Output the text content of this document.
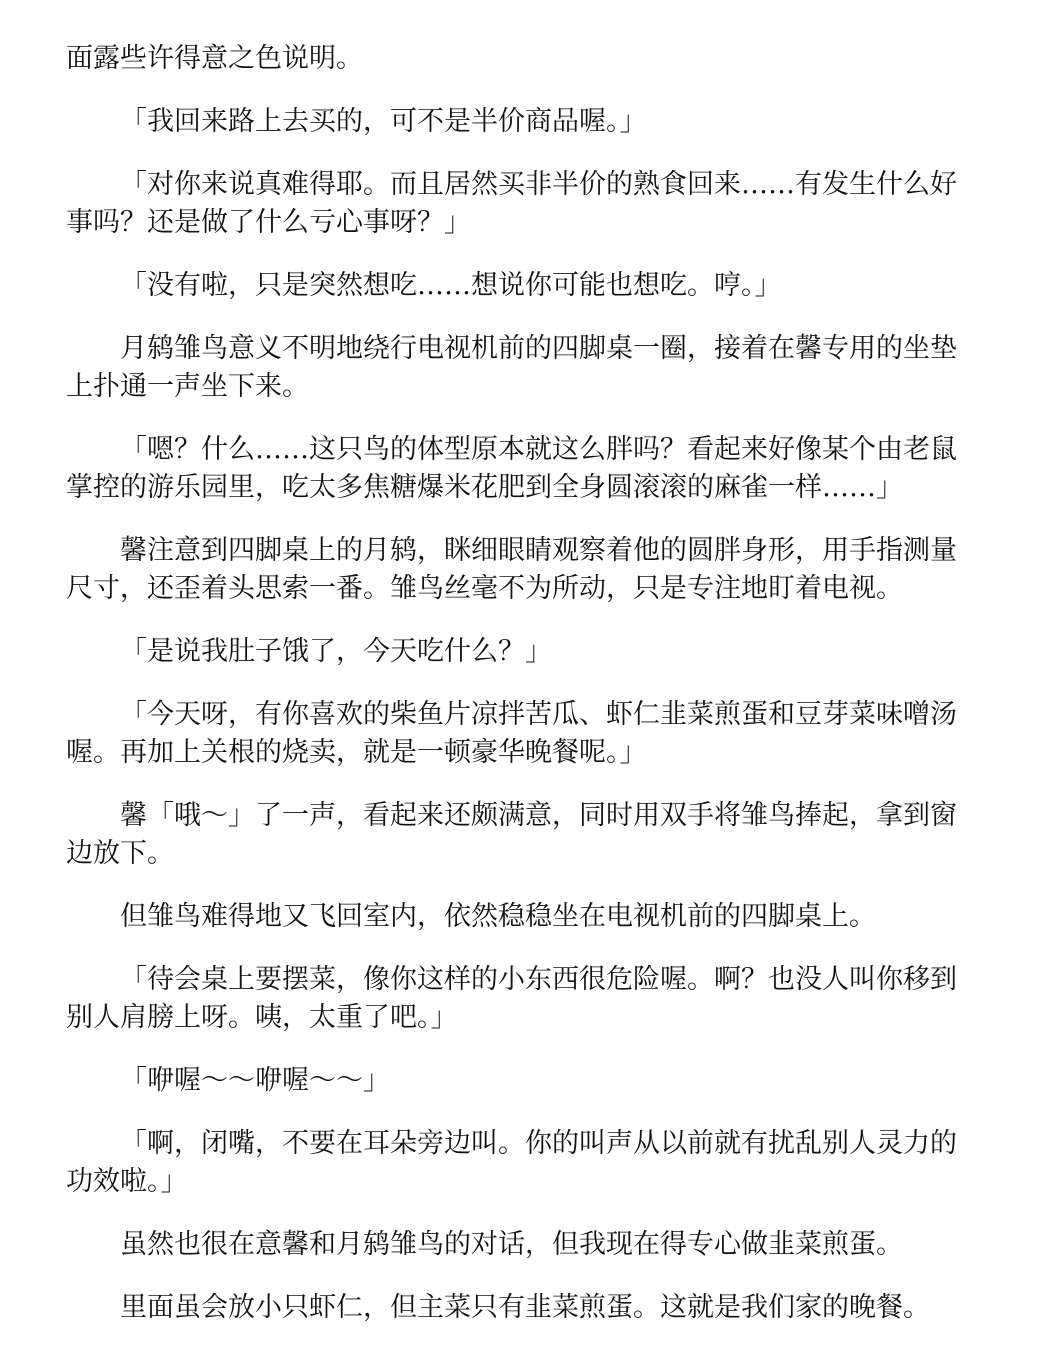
面露些许得意之色说明。

「我回来路上去买的，可不是半价商品喔。」

「对你来说真难得耶。而且居然买非半价的熟食回来……有发生什么好事吗？还是做了什么亏心事呀？」

「没有啦，只是突然想吃……想说你可能也想吃。哼。」

月鸫雏鸟意义不明地绕行电视机前的四脚桌一圈，接着在馨专用的坐垫上扑通一声坐下来。

「嗯？什么……这只鸟的体型原本就这么胖吗？看起来好像某个由老鼠掌控的游乐园里，吃太多焦糖爆米花肥到全身圆滚滚的麻雀一样……」

馨注意到四脚桌上的月鸫，眯细眼睛观察着他的圆胖身形，用手指测量尺寸，还歪着头思索一番。雏鸟丝毫不为所动，只是专注地盯着电视。

「是说我肚子饿了，今天吃什么？」

「今天呀，有你喜欢的柴鱼片凉拌苦瓜、虾仁韭菜煎蛋和豆芽菜味噌汤喔。再加上关根的烧卖，就是一顿豪华晚餐呢。」

馨「哦～」了一声，看起来还颇满意，同时用双手将雏鸟捧起，拿到窗边放下。

但雏鸟难得地又飞回室内，依然稳稳坐在电视机前的四脚桌上。

「待会桌上要摆菜，像你这样的小东西很危险喔。啊？也没人叫你移到别人肩膀上呀。咦，太重了吧。」

「咿喔～～咿喔～～」

「啊，闭嘴，不要在耳朵旁边叫。你的叫声从以前就有扰乱别人灵力的功效啦。」

虽然也很在意馨和月鸫雏鸟的对话，但我现在得专心做韭菜煎蛋。

里面虽会放小只虾仁，但主菜只有韭菜煎蛋。这就是我们家的晚餐。
